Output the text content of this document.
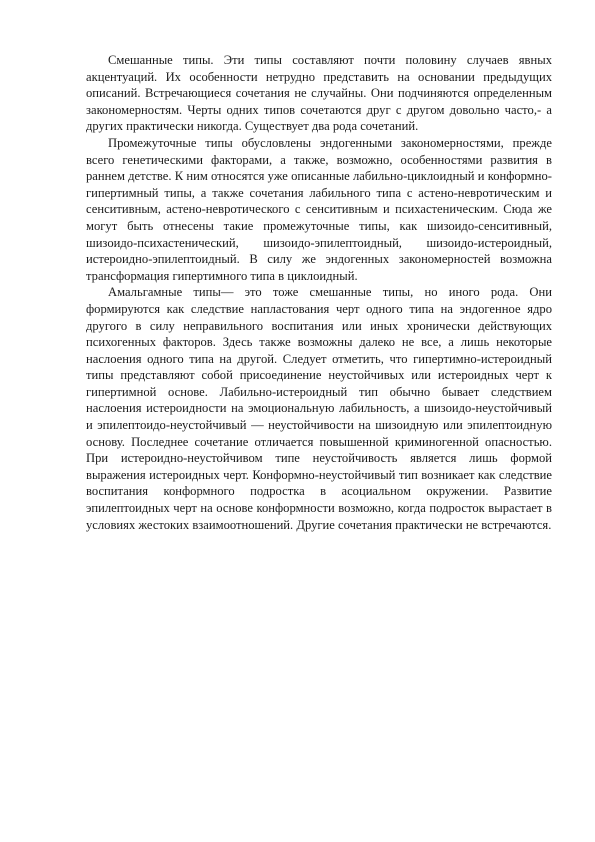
Смешанные типы. Эти типы составляют почти половину случаев явных акцентуаций. Их особенности нетрудно представить на основании предыдущих описаний. Встречающиеся сочетания не случайны. Они подчиняются определенным закономерностям. Черты одних типов сочетаются друг с другом довольно часто,- а других практически никогда. Существует два рода сочетаний.

Промежуточные типы обусловлены эндогенными закономерностями, прежде всего генетическими факторами, а также, возможно, особенностями развития в раннем детстве. К ним относятся уже описанные лабильно-циклоидный и конформно-гипертимный типы, а также сочетания лабильного типа с астено-невротическим и сенситивным, астено-невротического с сенситивным и психастеническим. Сюда же могут быть отнесены такие промежуточные типы, как шизоидо-сенситивный, шизоидо-психастенический, шизоидо-эпилептоидный, шизоидо-истероидный, истероидно-эпилептоидный. В силу же эндогенных закономерностей возможна трансформация гипертимного типа в циклоидный.

Амальгамные типы— это тоже смешанные типы, но иного рода. Они формируются как следствие напластования черт одного типа на эндогенное ядро другого в силу неправильного воспитания или иных хронически действующих психогенных факторов. Здесь также возможны далеко не все, а лишь некоторые наслоения одного типа на другой. Следует отметить, что гипертимно-истероидный типы представляют собой присоединение неустойчивых или истероидных черт к гипертимной основе. Лабильно-истероидный тип обычно бывает следствием наслоения истероидности на эмоциональную лабильность, а шизоидо-неустойчивый и эпилептоидо-неустойчивый — неустойчивости на шизоидную или эпилептоидную основу. Последнее сочетание отличается повышенной криминогенной опасностью. При истероидно-неустойчивом типе неустойчивость является лишь формой выражения истероидных черт. Конформно-неустойчивый тип возникает как следствие воспитания конформного подростка в асоциальном окружении. Развитие эпилептоидных черт на основе конформности возможно, когда подросток вырастает в условиях жестоких взаимоотношений. Другие сочетания практически не встречаются.
